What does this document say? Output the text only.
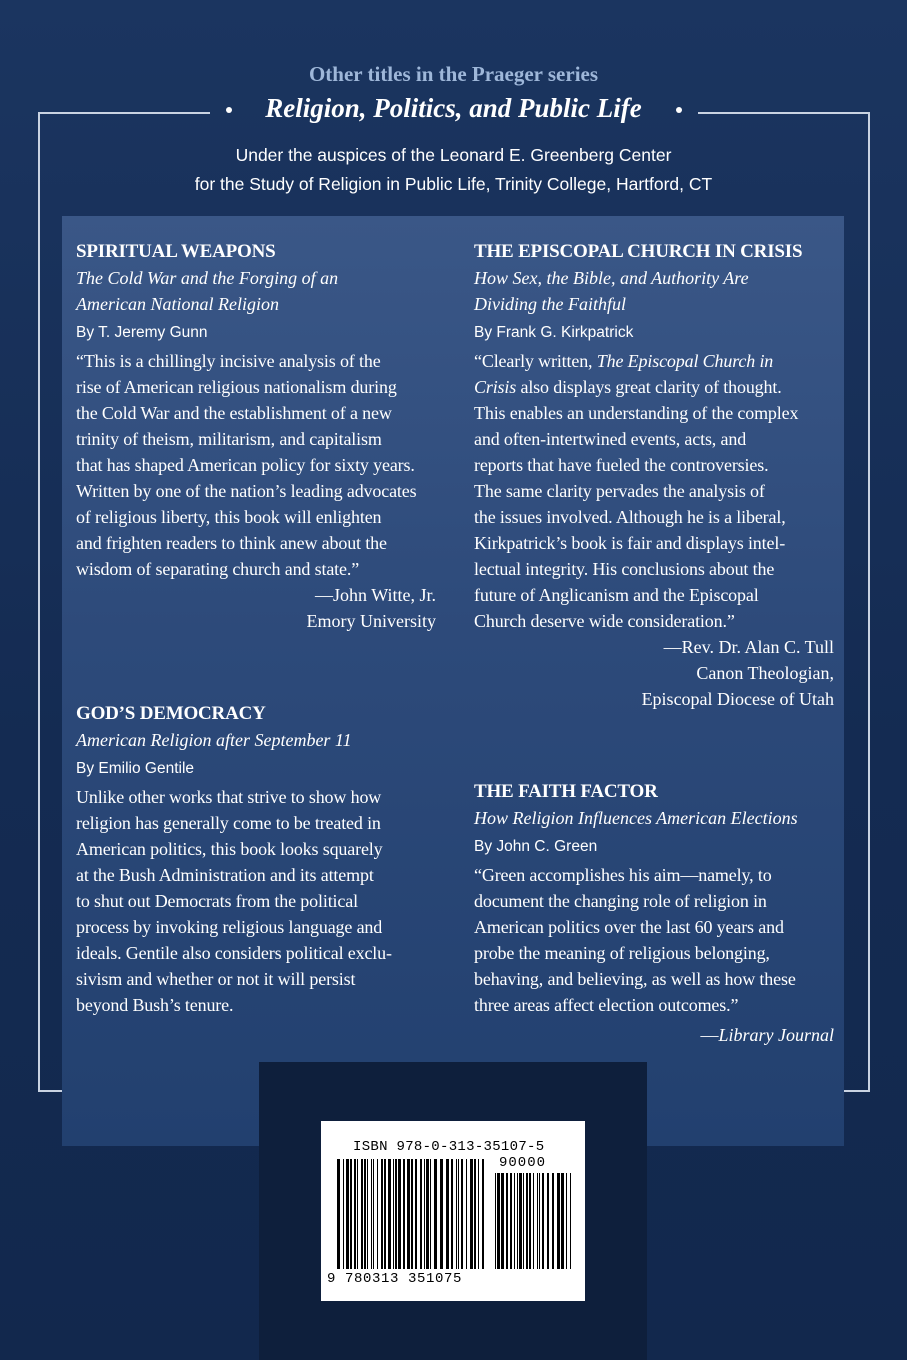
Other titles in the Praeger series

Religion, Politics, and Public Life

Under the auspices of the Leonard E. Greenberg Center

for the Study of Religion in Public Life, Trinity College, Hartford, CT

SPIRITUAL WEAPONS

The Cold War and the Forging of an

American National Religion

By T. Jeremy Gunn

“This is a chillingly incisive analysis of the

rise of American religious nationalism during

the Cold War and the establishment of a new

trinity of theism, militarism, and capitalism

that has shaped American policy for sixty years.

Written by one of the nation’s leading advocates

of religious liberty, this book will enlighten

and frighten readers to think anew about the

wisdom of separating church and state.”

—John Witte, Jr.

Emory University

GOD’S DEMOCRACY

American Religion after September 11

By Emilio Gentile

Unlike other works that strive to show how

religion has generally come to be treated in

American politics, this book looks squarely

at the Bush Administration and its attempt

to shut out Democrats from the political

process by invoking religious language and

ideals. Gentile also considers political exclu-

sivism and whether or not it will persist

beyond Bush’s tenure.

THE EPISCOPAL CHURCH IN CRISIS

How Sex, the Bible, and Authority Are

Dividing the Faithful

By Frank G. Kirkpatrick

“Clearly written, The Episcopal Church in

Crisis also displays great clarity of thought.

This enables an understanding of the complex

and often-intertwined events, acts, and

reports that have fueled the controversies.

The same clarity pervades the analysis of

the issues involved. Although he is a liberal,

Kirkpatrick’s book is fair and displays intel-

lectual integrity. His conclusions about the

future of Anglicanism and the Episcopal

Church deserve wide consideration.”

—Rev. Dr. Alan C. Tull

Canon Theologian,

Episcopal Diocese of Utah

THE FAITH FACTOR

How Religion Influences American Elections

By John C. Green

“Green accomplishes his aim—namely, to

document the changing role of religion in

American politics over the last 60 years and

probe the meaning of religious belonging,

behaving, and believing, as well as how these

three areas affect election outcomes.”

—Library Journal

ISBN 978-0-313-35107-5

90000

9 780313 351075
